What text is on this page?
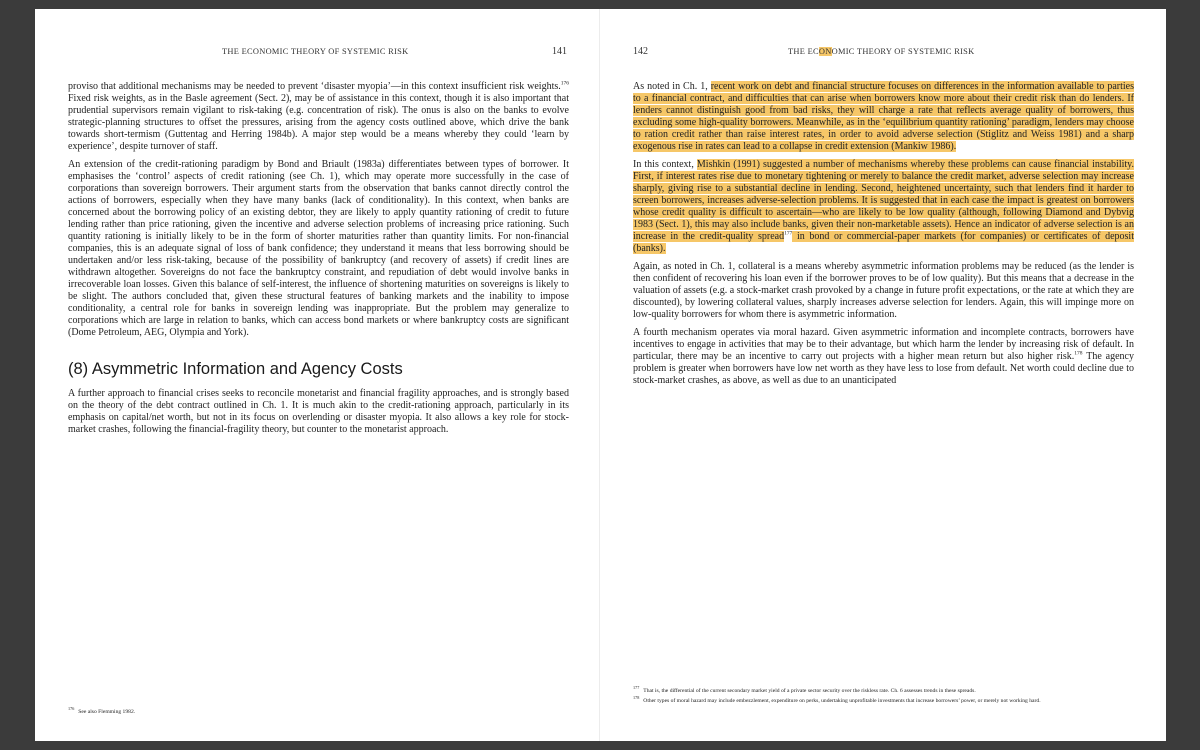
THE ECONOMIC THEORY OF SYSTEMIC RISK	141

proviso that additional mechanisms may be needed to prevent ‘disaster myopia’—in this context insufficient risk weights.$^{176}$ Fixed risk weights, as in the Basle agreement (Sect. 2), may be of assistance in this context, though it is also important that prudential supervisors remain vigilant to risk-taking (e.g. concentration of risk). The onus is also on the banks to evolve strategic-planning structures to offset the pressures, arising from the agency costs outlined above, which drive the bank towards short-termism (Guttentag and Herring 1984b). A major step would be a means whereby they could ‘learn by experience’, despite turnover of staff.

An extension of the credit-rationing paradigm by Bond and Briault (1983a) differentiates between types of borrower. It emphasises the ‘control’ aspects of credit rationing (see Ch. 1), which may operate more successfully in the case of corporations than sovereign borrowers. Their argument starts from the observation that banks cannot directly control the actions of borrowers, especially when they have many banks (lack of conditionality). In this context, when banks are concerned about the borrowing policy of an existing debtor, they are likely to apply quantity rationing of credit to future lending rather than price rationing, given the incentive and adverse selection problems of increasing price rationing. Such quantity rationing is initially likely to be in the form of shorter maturities rather than quantity limits. For non-financial companies, this is an adequate signal of loss of bank confidence; they understand it means that less borrowing should be undertaken and/or less risk-taking, because of the possibility of bankruptcy (and recovery of assets) if credit lines are withdrawn altogether. Sovereigns do not face the bankruptcy constraint, and repudiation of debt would involve banks in irrecoverable loan losses. Given this balance of self-interest, the influence of shortening maturities on sovereigns is likely to be slight. The authors concluded that, given these structural features of banking markets and the inability to impose conditionality, a central role for banks in sovereign lending was inappropriate. But the problem may generalize to corporations which are large in relation to banks, which can access bond markets or where bankruptcy costs are significant (Dome Petroleum, AEG, Olympia and York).

(8) Asymmetric Information and Agency Costs

A further approach to financial crises seeks to reconcile monetarist and financial fragility approaches, and is strongly based on the theory of the debt contract outlined in Ch. 1. It is much akin to the credit-rationing approach, particularly in its emphasis on capital/net worth, but not in its focus on overlending or disaster myopia. It also allows a key role for stock-market crashes, following the financial-fragility theory, but counter to the monetarist approach.

$^{176}$See also Flemming 1982.

142	THE ECONOMIC THEORY OF SYSTEMIC RISK

As noted in Ch. 1, recent work on debt and financial structure focuses on differences in the information available to parties to a financial contract, and difficulties that can arise when borrowers know more about their credit risk than do lenders. If lenders cannot distinguish good from bad risks, they will charge a rate that reflects average quality of borrowers, thus excluding some high-quality borrowers. Meanwhile, as in the ‘equilibrium quantity rationing’ paradigm, lenders may choose to ration credit rather than raise interest rates, in order to avoid adverse selection (Stiglitz and Weiss 1981) and a sharp exogenous rise in rates can lead to a collapse in credit extension (Mankiw 1986).

In this context, Mishkin (1991) suggested a number of mechanisms whereby these problems can cause financial instability. First, if interest rates rise due to monetary tightening or merely to balance the credit market, adverse selection may increase sharply, giving rise to a substantial decline in lending. Second, heightened uncertainty, such that lenders find it harder to screen borrowers, increases adverse-selection problems. It is suggested that in each case the impact is greatest on borrowers whose credit quality is difficult to ascertain—who are likely to be low quality (although, following Diamond and Dybvig 1983 (Sect. 1), this may also include banks, given their non-marketable assets). Hence an indicator of adverse selection is an increase in the credit-quality spread$^{177}$ in bond or commercial-paper markets (for companies) or certificates of deposit (banks).

Again, as noted in Ch. 1, collateral is a means whereby asymmetric information problems may be reduced (as the lender is then confident of recovering his loan even if the borrower proves to be of low quality). But this means that a decrease in the valuation of assets (e.g. a stock-market crash provoked by a change in future profit expectations, or the rate at which they are discounted), by lowering collateral values, sharply increases adverse selection for lenders. Again, this will impinge more on low-quality borrowers for whom there is asymmetric information.

A fourth mechanism operates via moral hazard. Given asymmetric information and incomplete contracts, borrowers have incentives to engage in activities that may be to their advantage, but which harm the lender by increasing risk of default. In particular, there may be an incentive to carry out projects with a higher mean return but also higher risk.$^{178}$ The agency problem is greater when borrowers have low net worth as they have less to lose from default. Net worth could decline due to stock-market crashes, as above, as well as due to an unanticipated

$^{177}$That is, the differential of the current secondary market yield of a private sector security over the riskless rate. Ch. 6 assesses trends in these spreads.

$^{178}$Other types of moral hazard may include embezzlement, expenditure on perks, undertaking unprofitable investments that increase borrowers’ power, or merely not working hard.
